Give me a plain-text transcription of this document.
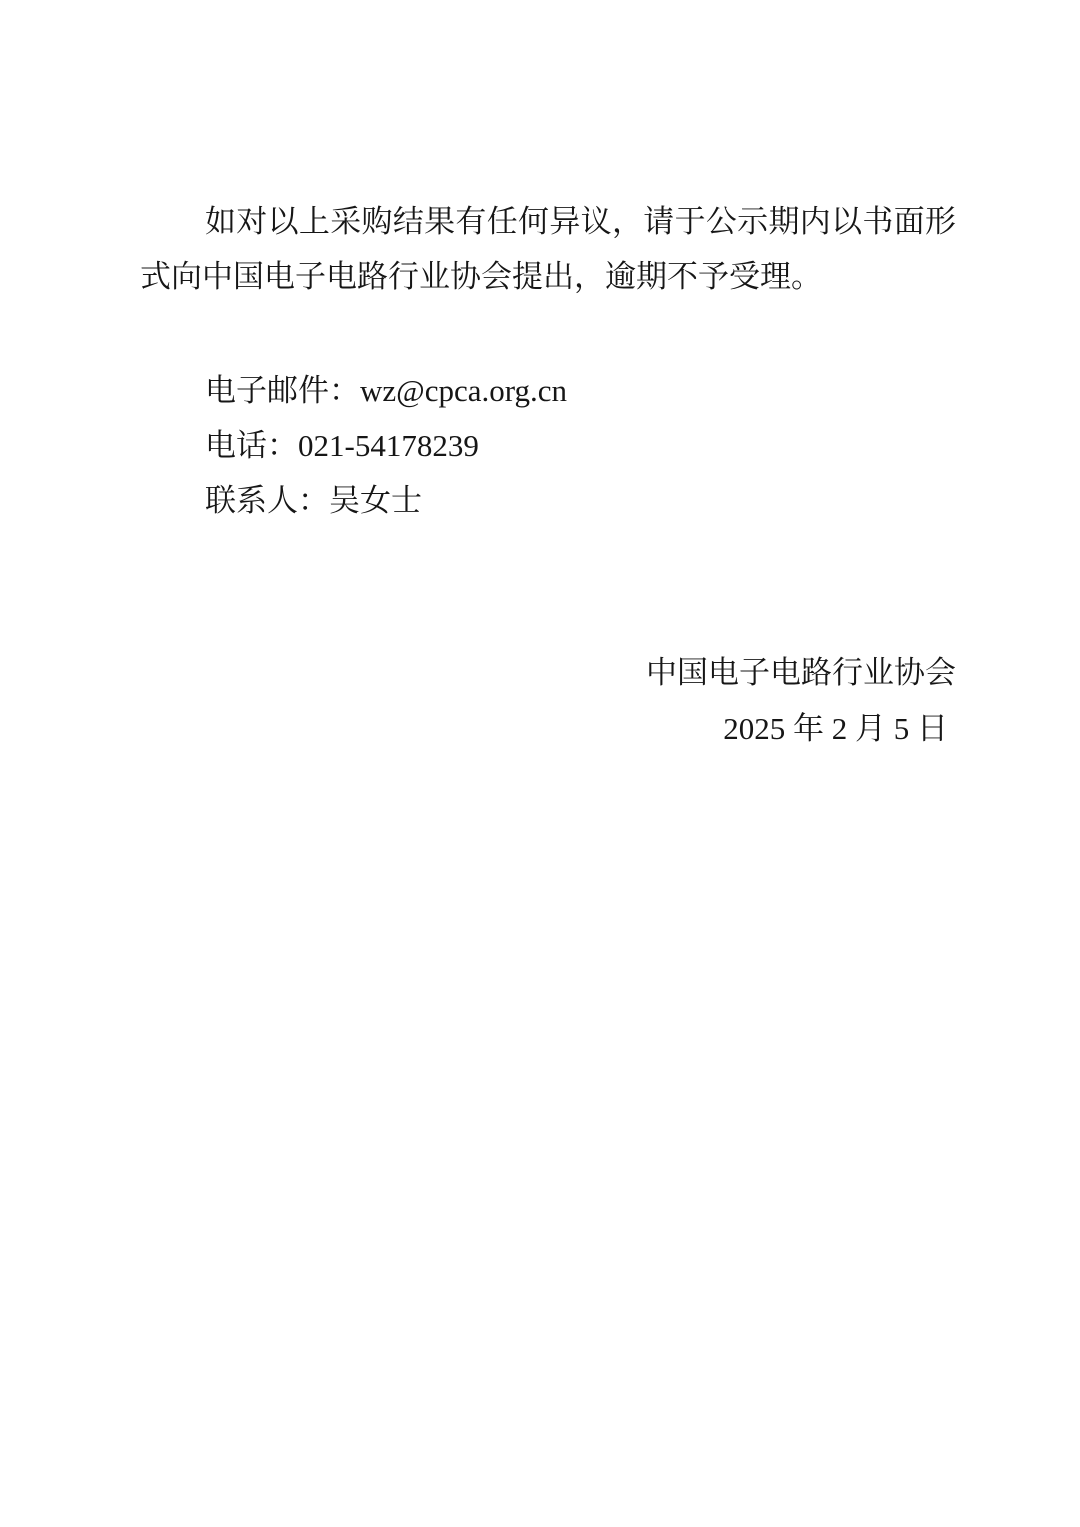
如对以上采购结果有任何异议，请于公示期内以书面形式向中国电子电路行业协会提出，逾期不予受理。

电子邮件：wz@cpca.org.cn
电话：021-54178239
联系人：吴女士
中国电子电路行业协会
2025 年 2 月 5 日
